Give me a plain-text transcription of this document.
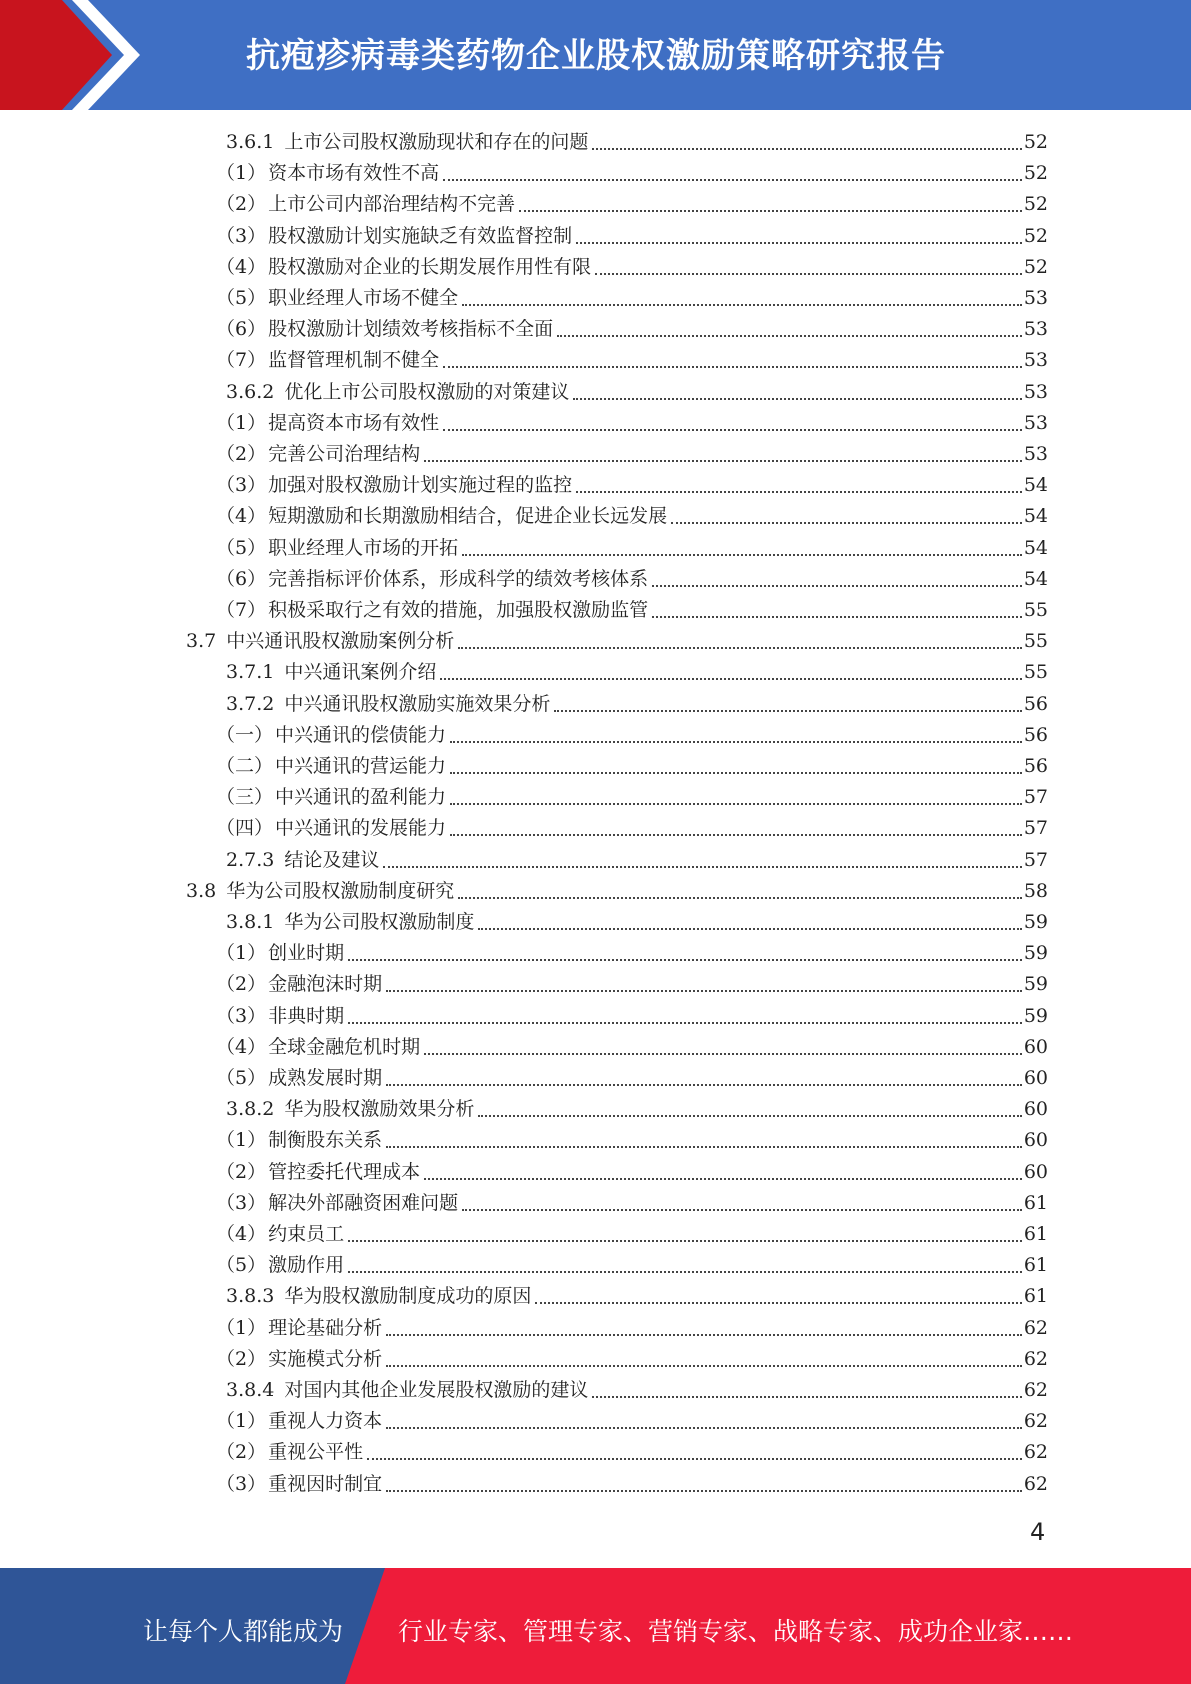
抗疱疹病毒类药物企业股权激励策略研究报告
3.6.1 上市公司股权激励现状和存在的问题	52
（1） 资本市场有效性不高	52
（2） 上市公司内部治理结构不完善	52
（3） 股权激励计划实施缺乏有效监督控制	52
（4） 股权激励对企业的长期发展作用性有限	52
（5） 职业经理人市场不健全	53
（6） 股权激励计划绩效考核指标不全面	53
（7） 监督管理机制不健全	53
3.6.2 优化上市公司股权激励的对策建议	53
（1） 提高资本市场有效性	53
（2） 完善公司治理结构	53
（3） 加强对股权激励计划实施过程的监控	54
（4） 短期激励和长期激励相结合，促进企业长远发展	54
（5） 职业经理人市场的开拓	54
（6） 完善指标评价体系，形成科学的绩效考核体系	54
（7） 积极采取行之有效的措施，加强股权激励监管	55
3.7 中兴通讯股权激励案例分析	55
3.7.1 中兴通讯案例介绍	55
3.7.2 中兴通讯股权激励实施效果分析	56
（一） 中兴通讯的偿债能力	56
（二） 中兴通讯的营运能力	56
（三） 中兴通讯的盈利能力	57
（四） 中兴通讯的发展能力	57
2.7.3 结论及建议	57
3.8 华为公司股权激励制度研究	58
3.8.1 华为公司股权激励制度	59
（1） 创业时期	59
（2） 金融泡沫时期	59
（3） 非典时期	59
（4） 全球金融危机时期	60
（5） 成熟发展时期	60
3.8.2 华为股权激励效果分析	60
（1） 制衡股东关系	60
（2） 管控委托代理成本	60
（3） 解决外部融资困难问题	61
（4） 约束员工	61
（5） 激励作用	61
3.8.3 华为股权激励制度成功的原因	61
（1） 理论基础分析	62
（2） 实施模式分析	62
3.8.4 对国内其他企业发展股权激励的建议	62
（1） 重视人力资本	62
（2） 重视公平性	62
（3） 重视因时制宜	62
4
让每个人都能成为 行业专家、管理专家、营销专家、战略专家、成功企业家……
